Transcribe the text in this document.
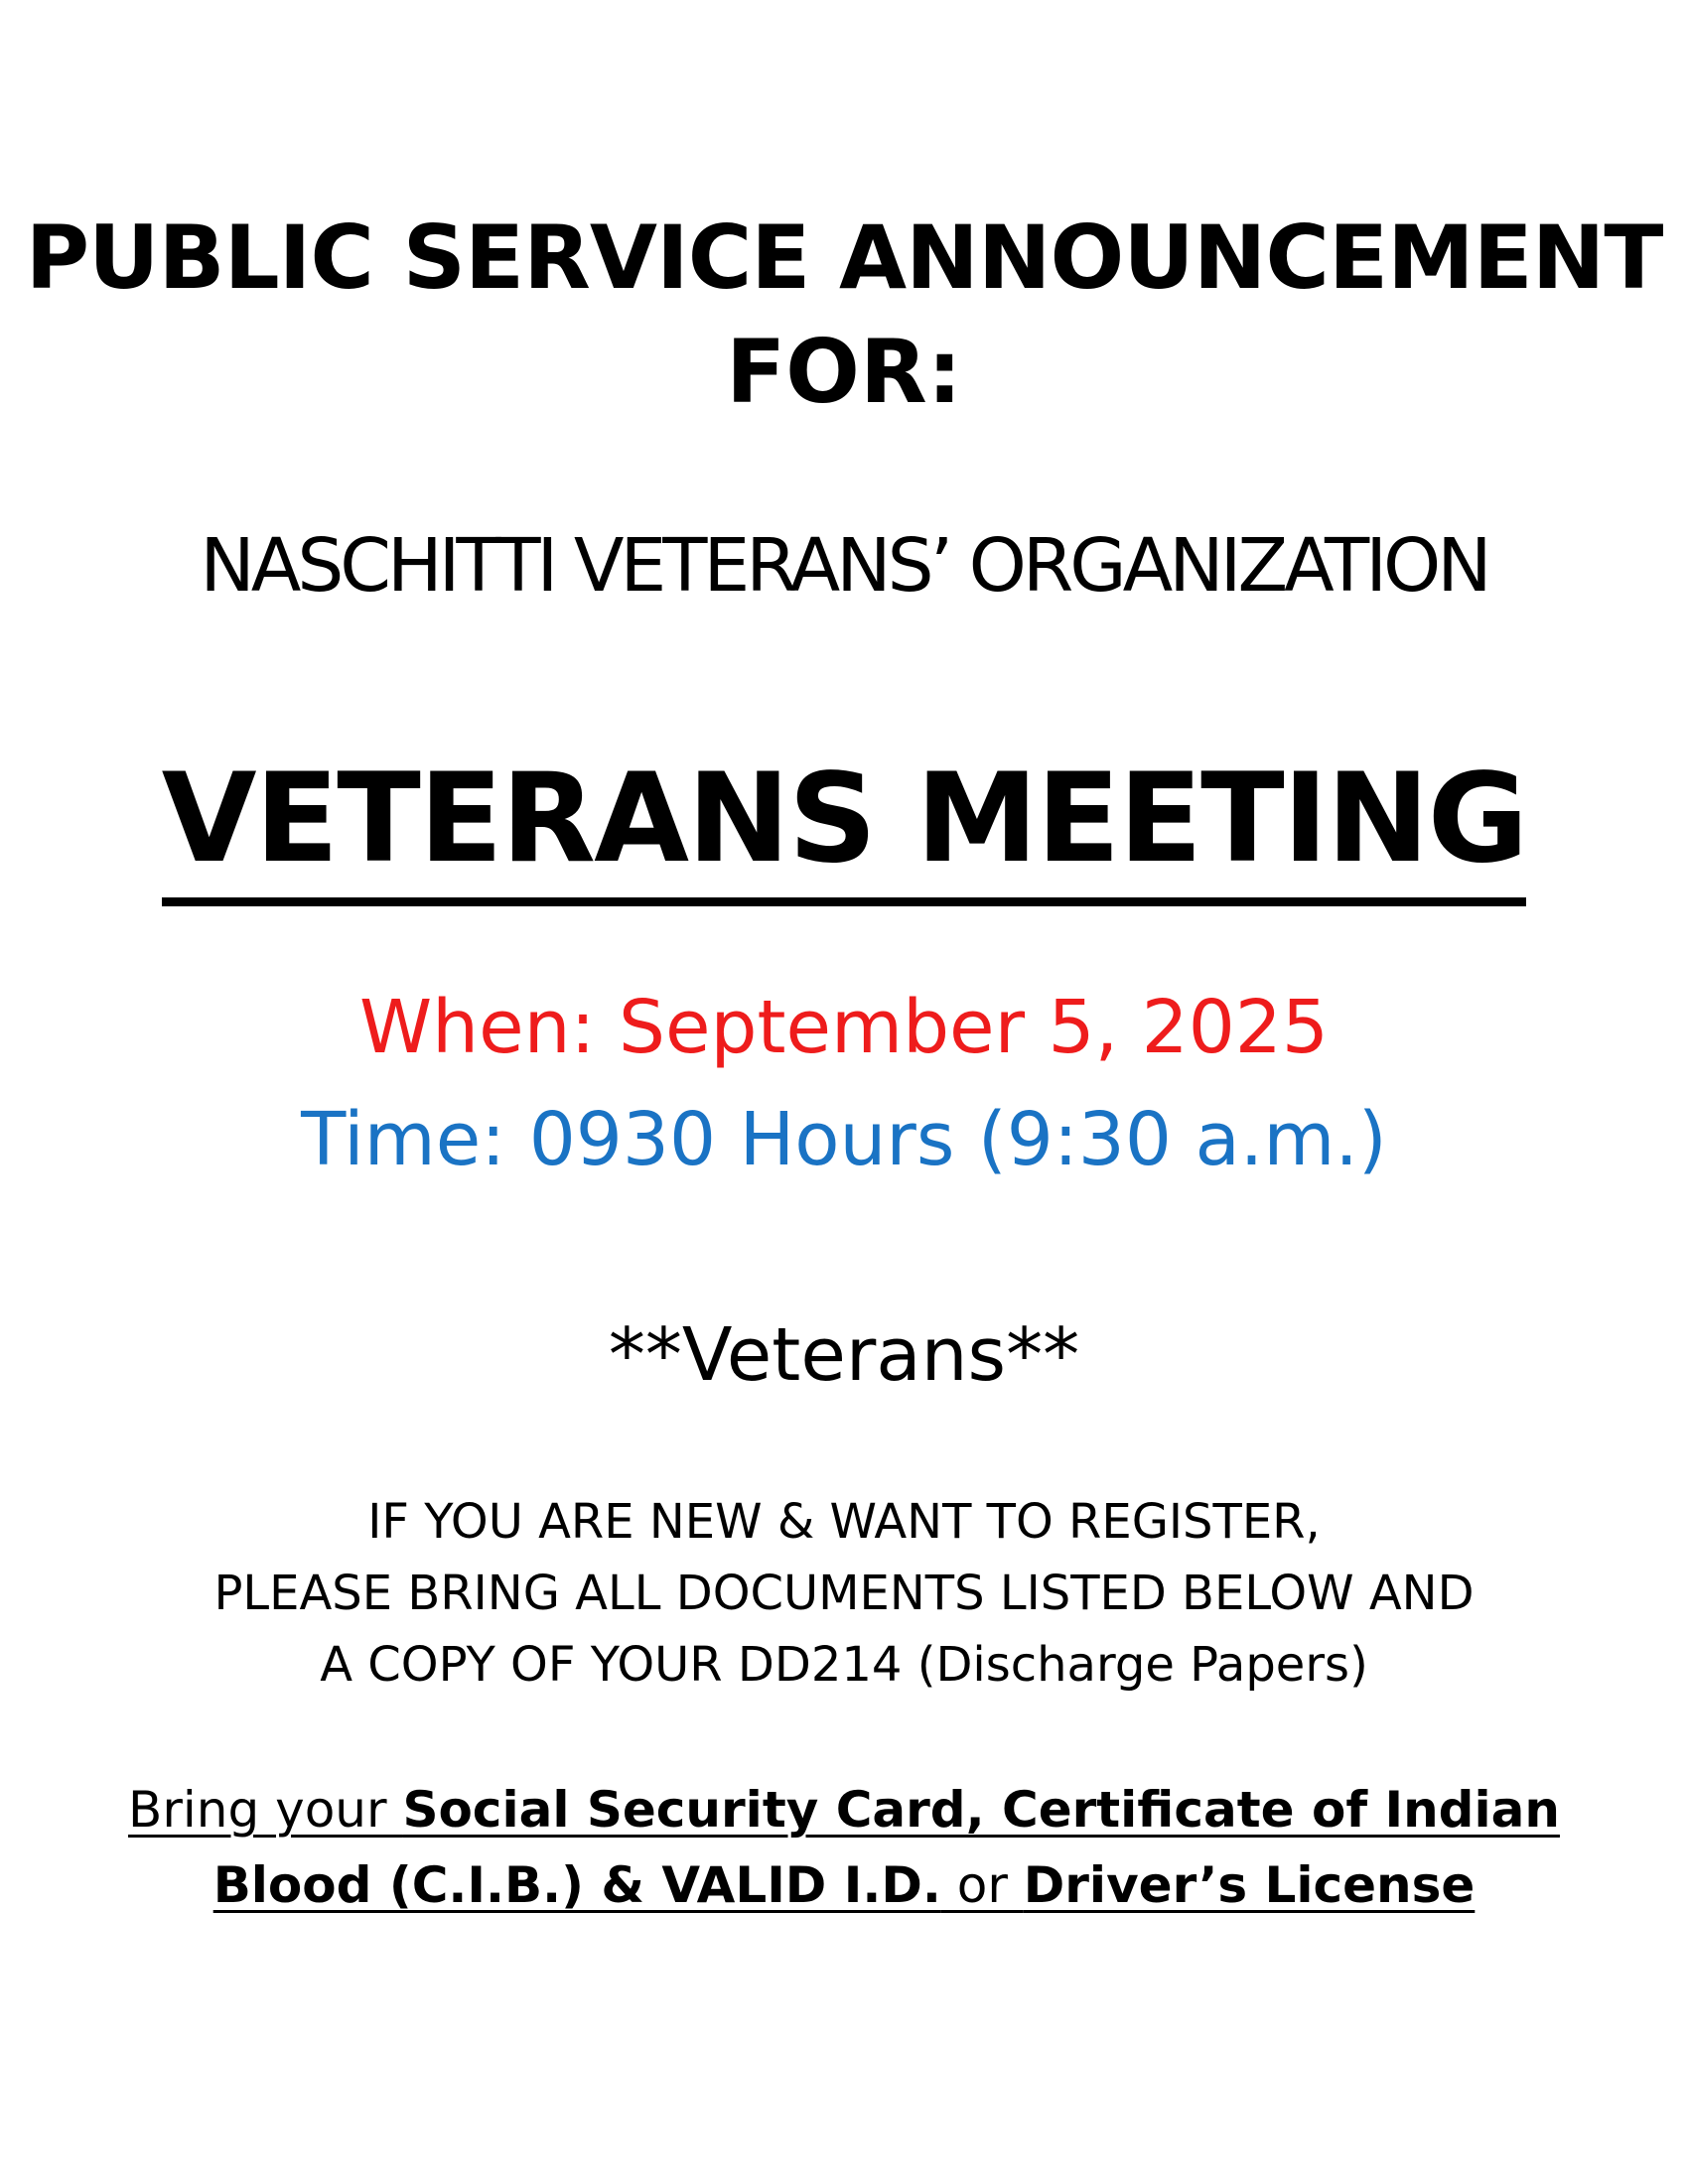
PUBLIC SERVICE ANNOUNCEMENT
FOR:
NASCHITTI VETERANS’ ORGANIZATION
VETERANS MEETING
When: September 5, 2025
Time: 0930 Hours (9:30 a.m.)
**Veterans**
IF YOU ARE NEW & WANT TO REGISTER,
PLEASE BRING ALL DOCUMENTS LISTED BELOW AND
A COPY OF YOUR DD214 (Discharge Papers)
Bring your Social Security Card, Certificate of Indian
Blood (C.I.B.) & VALID I.D. or Driver’s License
